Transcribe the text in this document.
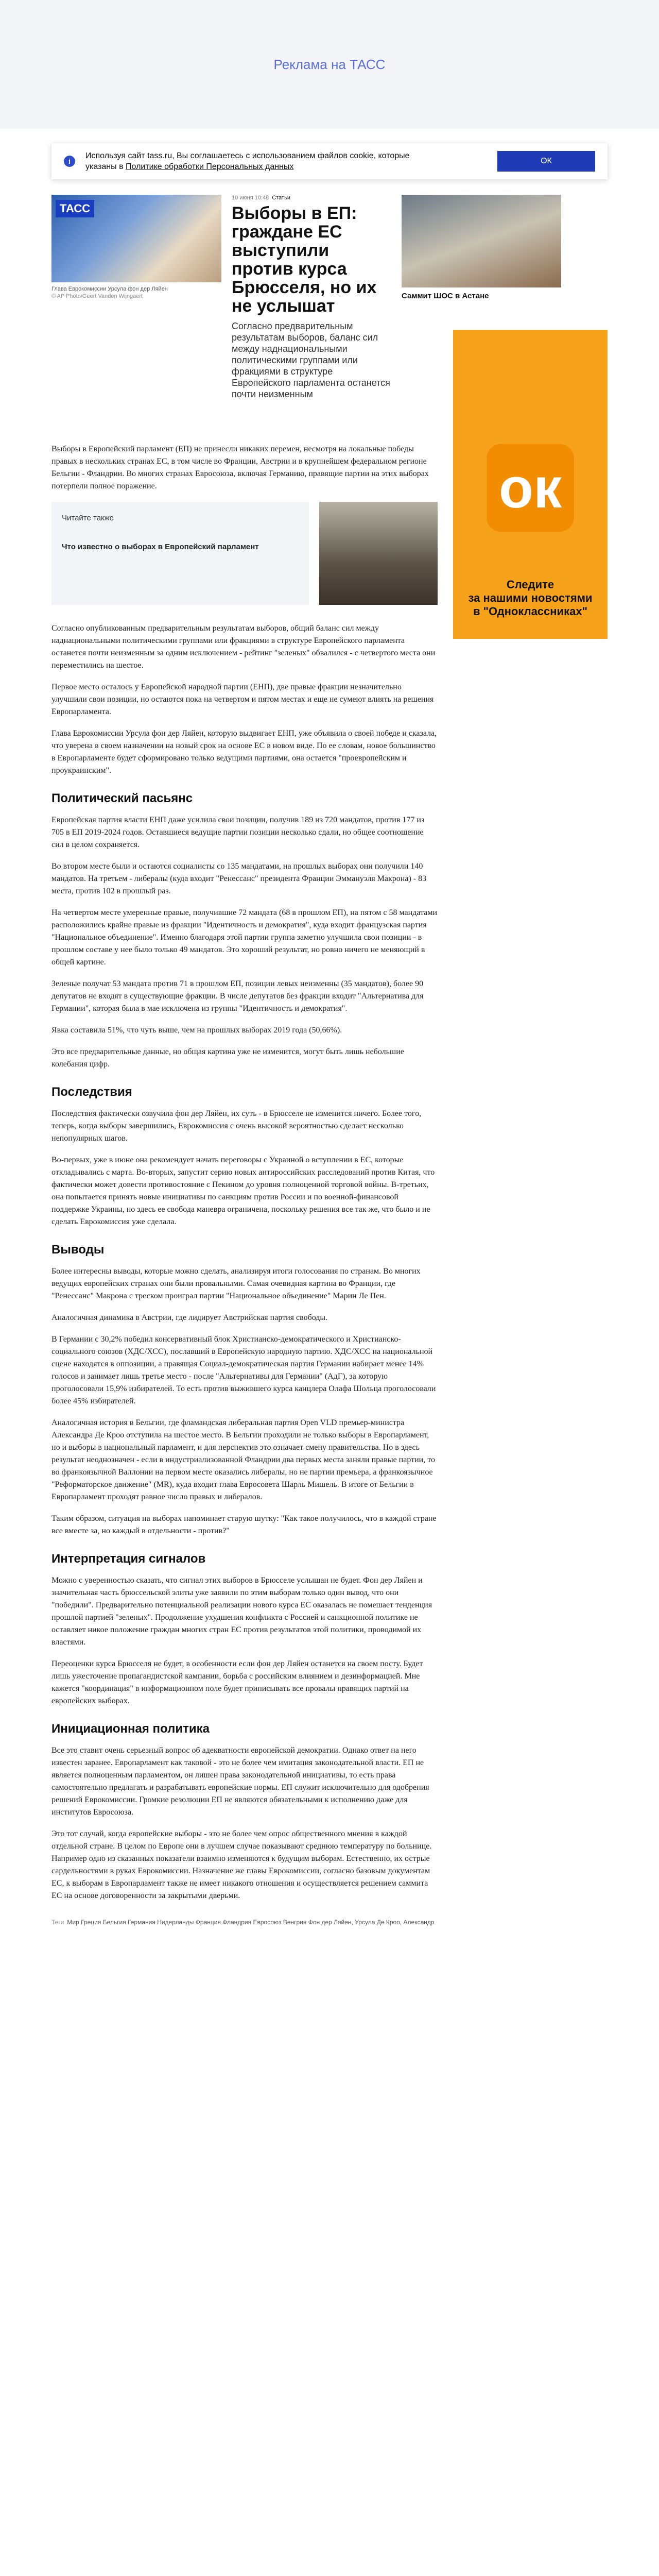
Реклама на ТАСС
i
Используя сайт tass.ru, Вы соглашаетесь с использованием файлов cookie, которые указаны в Политике обработки Персональных данных
ОК
ТАСС
Глава Еврокомиссии Урсула фон дер Ляйен
© AP Photo/Geert Vanden Wijngaert
10 июня 10:48 Статьи
Выборы в ЕП: граждане ЕС выступили против курса Брюсселя, но их не услышат

Согласно предварительным результатам выборов, баланс сил между наднациональными политическими группами или фракциями в структуре Европейского парламента останется почти неизменным

Саммит ШОС в Астане
ок
Следите
за нашими новостями
в "Одноклассниках"

Выборы в Европейский парламент (ЕП) не принесли никаких перемен, несмотря на локальные победы правых в нескольких странах ЕС, в том числе во Франции, Австрии и в крупнейшем федеральном регионе Бельгии - Фландрии. Во многих странах Евросоюза, включая Германию, правящие партии на этих выборах потерпели полное поражение.

Читайте также
Что известно о выборах в Европейский парламент

Согласно опубликованным предварительным результатам выборов, общий баланс сил между наднациональными политическими группами или фракциями в структуре Европейского парламента останется почти неизменным за одним исключением - рейтинг "зеленых" обвалился - с четвертого места они переместились на шестое.

Первое место осталось у Европейской народной партии (ЕНП), две правые фракции незначительно улучшили свои позиции, но остаются пока на четвертом и пятом местах и еще не сумеют влиять на решения Европарламента.

Глава Еврокомиссии Урсула фон дер Ляйен, которую выдвигает ЕНП, уже объявила о своей победе и сказала, что уверена в своем назначении на новый срок на основе ЕС в новом виде. По ее словам, новое большинство в Европарламенте будет сформировано только ведущими партиями, она остается "проевропейским и проукраинским".

Политический пасьянс

Европейская партия власти ЕНП даже усилила свои позиции, получив 189 из 720 мандатов, против 177 из 705 в ЕП 2019-2024 годов. Оставшиеся ведущие партии позиции несколько сдали, но общее соотношение сил в целом сохраняется.

Во втором месте были и остаются социалисты со 135 мандатами, на прошлых выборах они получили 140 мандатов. На третьем - либералы (куда входит "Ренессанс" президента Франции Эммануэля Макрона) - 83 места, против 102 в прошлый раз.

На четвертом месте умеренные правые, получившие 72 мандата (68 в прошлом ЕП), на пятом с 58 мандатами расположились крайне правые из фракции "Идентичность и демократия", куда входит французская партия "Национальное объединение". Именно благодаря этой партии группа заметно улучшила свои позиции - в прошлом составе у нее было только 49 мандатов. Это хороший результат, но ровно ничего не меняющий в общей картине.

Зеленые получат 53 мандата против 71 в прошлом ЕП, позиции левых неизменны (35 мандатов), более 90 депутатов не входят в существующие фракции. В числе депутатов без фракции входит "Альтернатива для Германии", которая была в мае исключена из группы "Идентичность и демократия".

Явка составила 51%, что чуть выше, чем на прошлых выборах 2019 года (50,66%).

Это все предварительные данные, но общая картина уже не изменится, могут быть лишь небольшие колебания цифр.

Последствия

Последствия фактически озвучила фон дер Ляйен, их суть - в Брюсселе не изменится ничего. Более того, теперь, когда выборы завершились, Еврокомиссия с очень высокой вероятностью сделает несколько непопулярных шагов.

Во-первых, уже в июне она рекомендует начать переговоры с Украиной о вступлении в ЕС, которые откладывались с марта. Во-вторых, запустит серию новых антироссийских расследований против Китая, что фактически может довести противостояние с Пекином до уровня полноценной торговой войны. В-третьих, она попытается принять новые инициативы по санкциям против России и по военной-финансовой поддержке Украины, но здесь ее свобода маневра ограничена, поскольку решения все так же, что было и не сделать Еврокомиссия уже сделала.

Выводы

Более интересны выводы, которые можно сделать, анализируя итоги голосования по странам. Во многих ведущих европейских странах они были провальными. Самая очевидная картина во Франции, где "Ренессанс" Макрона с треском проиграл партии "Национальное объединение" Марин Ле Пен.

Аналогичная динамика в Австрии, где лидирует Австрийская партия свободы.

В Германии с 30,2% победил консервативный блок Христианско-демократического и Христианско-социального союзов (ХДС/ХСС), пославший в Европейскую народную партию. ХДС/ХСС на национальной сцене находятся в оппозиции, а правящая Социал-демократическая партия Германии набирает менее 14% голосов и занимает лишь третье место - после "Альтернативы для Германии" (АдГ), за которую проголосовали 15,9% избирателей. То есть против выжившего курса канцлера Олафа Шольца проголосовали более 45% избирателей.

Аналогичная история в Бельгии, где фламандская либеральная партия Open VLD премьер-министра Александра Де Кроо отступила на шестое место. В Бельгии проходили не только выборы в Европарламент, но и выборы в национальный парламент, и для перспектив это означает смену правительства. Но в здесь результат неоднозначен - если в индустриализованной Фландрии два первых места заняли правые партии, то во франкоязычной Валлонии на первом месте оказались либералы, но не партии премьера, а франкоязычное "Реформаторское движение" (MR), куда входит глава Евросовета Шарль Мишель. В итоге от Бельгии в Европарламент проходят равное число правых и либералов.

Таким образом, ситуация на выборах напоминает старую шутку: "Как такое получилось, что в каждой стране все вместе за, но каждый в отдельности - против?"

Интерпретация сигналов

Можно с уверенностью сказать, что сигнал этих выборов в Брюсселе услышан не будет. Фон дер Ляйен и значительная часть брюссельской элиты уже заявили по этим выборам только один вывод, что они "победили". Предварительно потенциальной реализации нового курса ЕС оказалась не помешает тенденция прошлой партией "зеленых". Продолжение ухудшения конфликта с Россией и санкционной политике не оставляет никое положение граждан многих стран ЕС против результатов этой политики, проводимой их властями.

Переоценки курса Брюсселя не будет, в особенности если фон дер Ляйен останется на своем посту. Будет лишь ужесточение пропагандистской кампании, борьба с российским влиянием и дезинформацией. Мне кажется "координация" в информационном поле будет приписывать все провалы правящих партий на европейских выборах.

Инициационная политика

Все это ставит очень серьезный вопрос об адекватности европейской демократии. Однако ответ на него известен заранее. Европарламент как таковой - это не более чем имитация законодательной власти. ЕП не является полноценным парламентом, он лишен права законодательной инициативы, то есть права самостоятельно предлагать и разрабатывать европейские нормы. ЕП служит исключительно для одобрения решений Еврокомиссии. Громкие резолюции ЕП не являются обязательными к исполнению даже для институтов Евросоюза.

Это тот случай, когда европейские выборы - это не более чем опрос общественного мнения в каждой отдельной стране. В целом по Европе они в лучшем случае показывают среднюю температуру по больнице. Например одно из сказанных показатели взаимно изменяются к будущим выборам. Естественно, их острые сардельностями в руках Еврокомиссии. Назначение же главы Еврокомиссии, согласно базовым документам ЕС, к выборам в Европарламент также не имеет никакого отношения и осуществляется решением саммита ЕС на основе договоренности за закрытыми дверьми.

Теги Мир Греция Бельгия Германия Нидерланды Франция Фландрия Евросоюз Венгрия Фон дер Ляйен, Урсула Де Кроо, Александр
